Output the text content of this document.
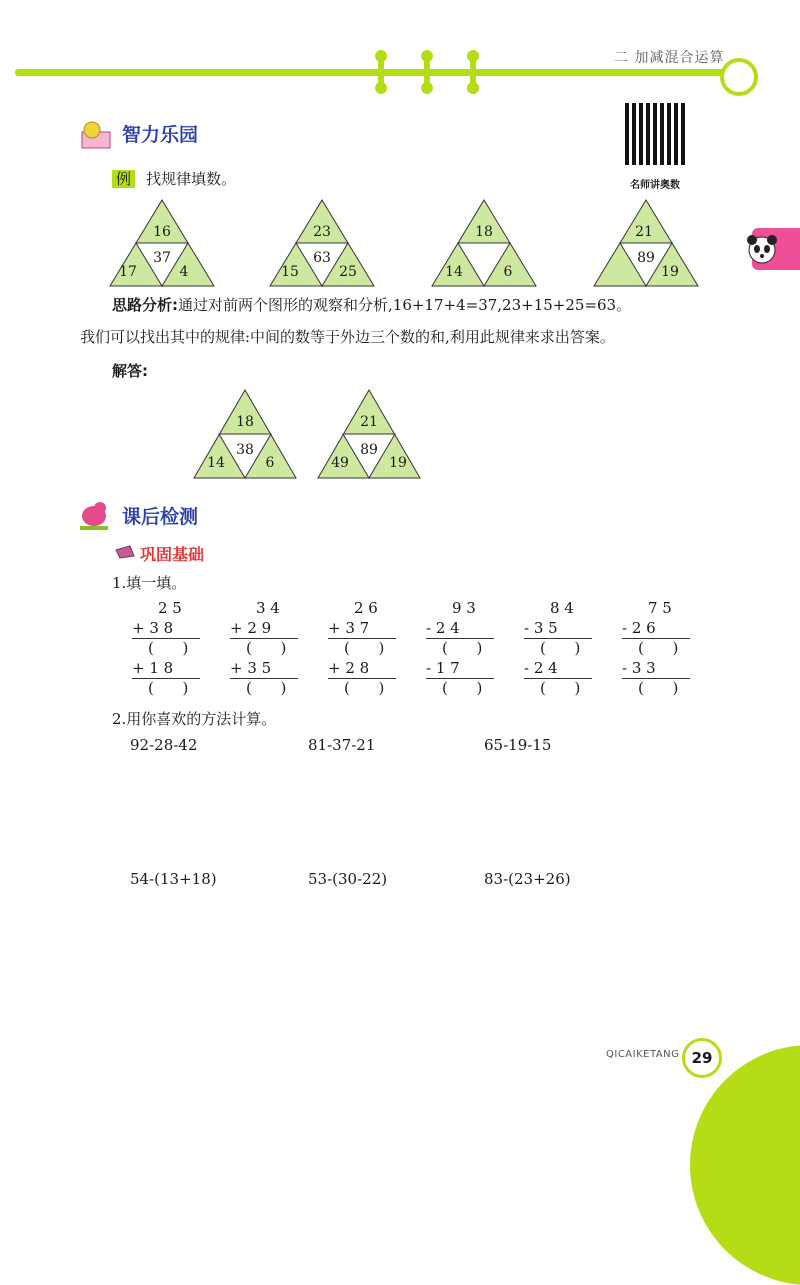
二 加减混合运算
智力乐园
名师讲奥数
例 找规律填数。
16
37
17	4
23
63
15	25
18
14	6
21
89
19
思路分析:通过对前两个图形的观察和分析,16+17+4=37,23+15+25=63。
我们可以找出其中的规律:中间的数等于外边三个数的和,利用此规律来求出答案。
解答:
18
38
14	6
21
89
49	19
课后检测
巩固基础
1.填一填。
2 5
+ 3 8
(      )
+ 1 8
(      )
3 4
+ 2 9
(      )
+ 3 5
(      )
2 6
+ 3 7
(      )
+ 2 8
(      )
9 3
- 2 4
(      )
- 1 7
(      )
8 4
- 3 5
(      )
- 2 4
(      )
7 5
- 2 6
(      )
- 3 3
(      )
2.用你喜欢的方法计算。
92-28-42	81-37-21	65-19-15
54-(13+18)	53-(30-22)	83-(23+26)
QICAIKETANG 29
